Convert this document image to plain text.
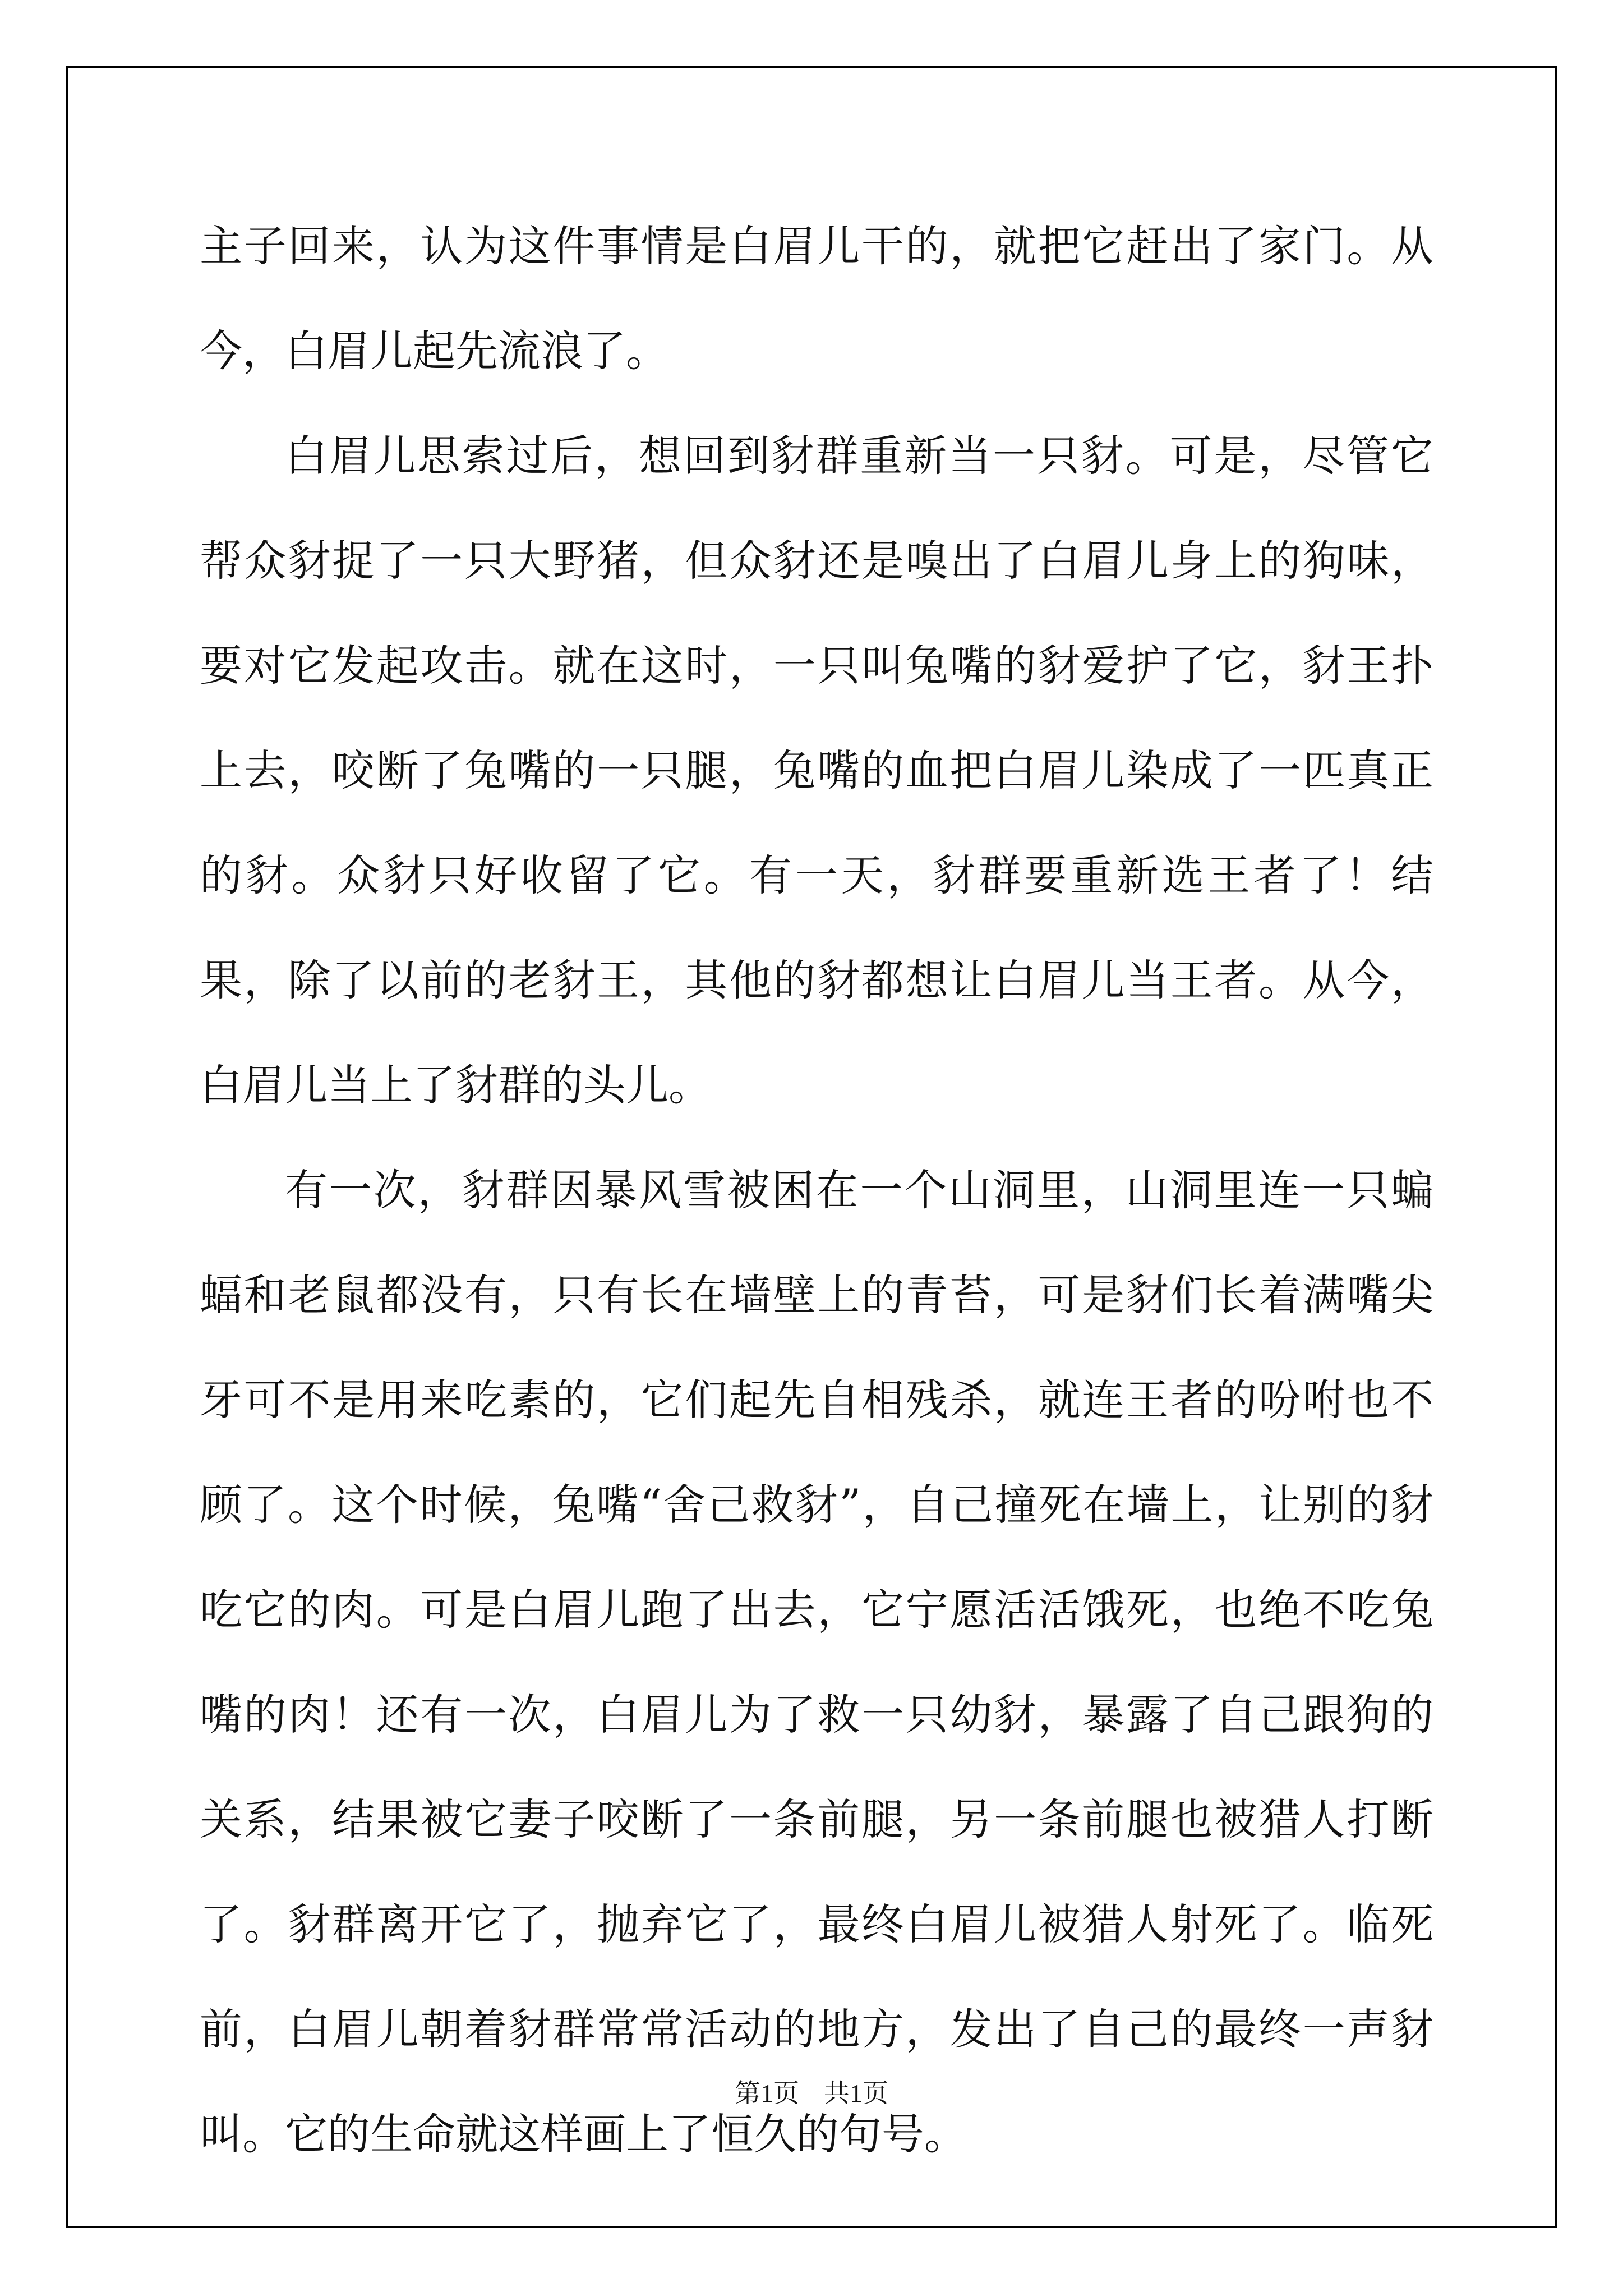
主子回来，认为这件事情是白眉儿干的，就把它赶出了家门。从今，白眉儿起先流浪了。

白眉儿思索过后，想回到豺群重新当一只豺。可是，尽管它帮众豺捉了一只大野猪，但众豺还是嗅出了白眉儿身上的狗味，要对它发起攻击。就在这时，一只叫兔嘴的豺爱护了它，豺王扑上去，咬断了兔嘴的一只腿，兔嘴的血把白眉儿染成了一匹真正的豺。众豺只好收留了它。有一天，豺群要重新选王者了！结果，除了以前的老豺王，其他的豺都想让白眉儿当王者。从今，白眉儿当上了豺群的头儿。

有一次，豺群因暴风雪被困在一个山洞里，山洞里连一只蝙蝠和老鼠都没有，只有长在墙壁上的青苔，可是豺们长着满嘴尖牙可不是用来吃素的，它们起先自相残杀，就连王者的吩咐也不顾了。这个时候，兔嘴“舍己救豺”，自己撞死在墙上，让别的豺吃它的肉。可是白眉儿跑了出去，它宁愿活活饿死，也绝不吃兔嘴的肉！还有一次，白眉儿为了救一只幼豺，暴露了自己跟狗的关系，结果被它妻子咬断了一条前腿，另一条前腿也被猎人打断了。豺群离开它了，抛弃它了，最终白眉儿被猎人射死了。临死前，白眉儿朝着豺群常常活动的地方，发出了自己的最终一声豺叫。它的生命就这样画上了恒久的句号。

第1页 共1页
